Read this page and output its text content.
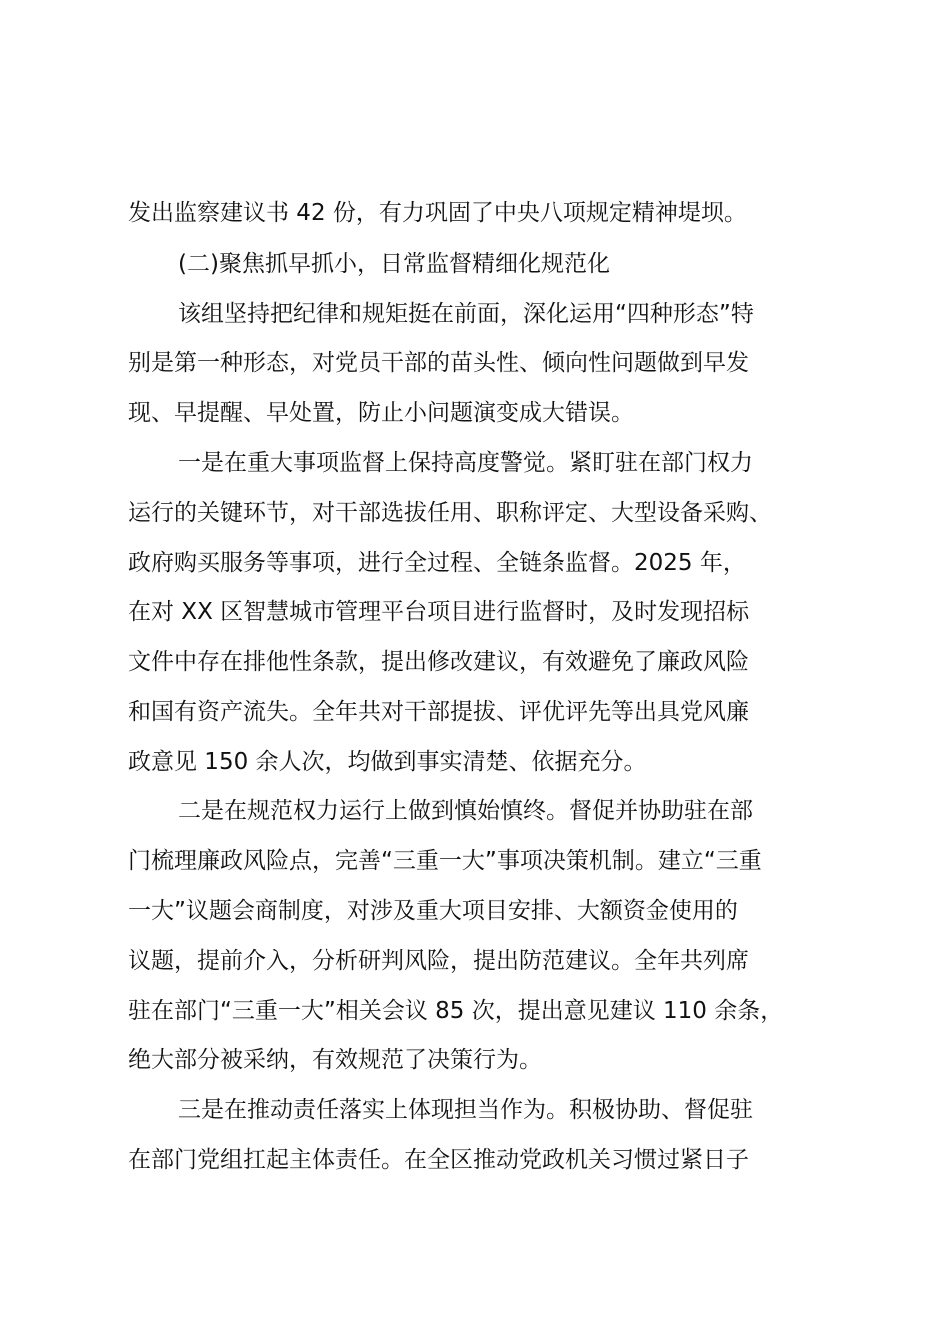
发出监察建议书 42 份，有力巩固了中央八项规定精神堤坝。
(二)聚焦抓早抓小，日常监督精细化规范化
该组坚持把纪律和规矩挺在前面，深化运用“四种形态”特
别是第一种形态，对党员干部的苗头性、倾向性问题做到早发
现、早提醒、早处置，防止小问题演变成大错误。
一是在重大事项监督上保持高度警觉。紧盯驻在部门权力
运行的关键环节，对干部选拔任用、职称评定、大型设备采购、
政府购买服务等事项，进行全过程、全链条监督。2025 年，
在对 XX 区智慧城市管理平台项目进行监督时，及时发现招标
文件中存在排他性条款，提出修改建议，有效避免了廉政风险
和国有资产流失。全年共对干部提拔、评优评先等出具党风廉
政意见 150 余人次，均做到事实清楚、依据充分。
二是在规范权力运行上做到慎始慎终。督促并协助驻在部
门梳理廉政风险点，完善“三重一大”事项决策机制。建立“三重
一大”议题会商制度，对涉及重大项目安排、大额资金使用的
议题，提前介入，分析研判风险，提出防范建议。全年共列席
驻在部门“三重一大”相关会议 85 次，提出意见建议 110 余条，
绝大部分被采纳，有效规范了决策行为。
三是在推动责任落实上体现担当作为。积极协助、督促驻
在部门党组扛起主体责任。在全区推动党政机关习惯过紧日子
